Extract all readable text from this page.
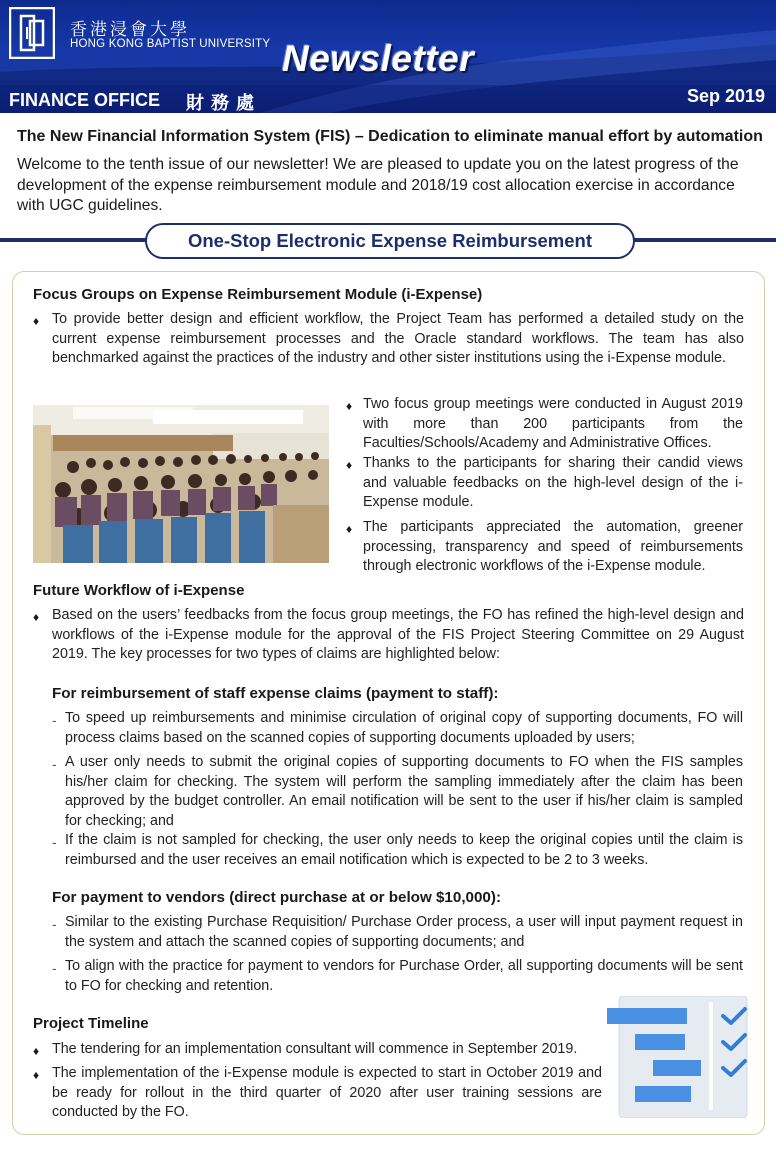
香港浸會大學
HONG KONG BAPTIST UNIVERSITY Newsletter
FINANCE OFFICE 財務處	Sep 2019
The New Financial Information System (FIS) – Dedication to eliminate manual effort by automation
Welcome to the tenth issue of our newsletter! We are pleased to update you on the latest progress of the development of the expense reimbursement module and 2018/19 cost allocation exercise in accordance with UGC guidelines.
One-Stop Electronic Expense Reimbursement
Focus Groups on Expense Reimbursement Module (i-Expense)
♦ To provide better design and efficient workflow, the Project Team has performed a detailed study on the current expense reimbursement processes and the Oracle standard workflows. The team has also benchmarked against the practices of the industry and other sister institutions using the i-Expense module.
♦ Two focus group meetings were conducted in August 2019 with more than 200 participants from the Faculties/Schools/Academy and Administrative Offices.
♦ Thanks to the participants for sharing their candid views and valuable feedbacks on the high-level design of the i-Expense module.
♦ The participants appreciated the automation, greener processing, transparency and speed of reimbursements through electronic workflows of the i-Expense module.
Future Workflow of i-Expense
♦ Based on the users’ feedbacks from the focus group meetings, the FO has refined the high-level design and workflows of the i-Expense module for the approval of the FIS Project Steering Committee on 29 August 2019. The key processes for two types of claims are highlighted below:
For reimbursement of staff expense claims (payment to staff):
- To speed up reimbursements and minimise circulation of original copy of supporting documents, FO will process claims based on the scanned copies of supporting documents uploaded by users;
- A user only needs to submit the original copies of supporting documents to FO when the FIS samples his/her claim for checking. The system will perform the sampling immediately after the claim has been approved by the budget controller. An email notification will be sent to the user if his/her claim is sampled for checking; and
- If the claim is not sampled for checking, the user only needs to keep the original copies until the claim is reimbursed and the user receives an email notification which is expected to be 2 to 3 weeks.
For payment to vendors (direct purchase at or below $10,000):
- Similar to the existing Purchase Requisition/ Purchase Order process, a user will input payment request in the system and attach the scanned copies of supporting documents; and
- To align with the practice for payment to vendors for Purchase Order, all supporting documents will be sent to FO for checking and retention.
Project Timeline
♦ The tendering for an implementation consultant will commence in September 2019.
♦ The implementation of the i-Expense module is expected to start in October 2019 and be ready for rollout in the third quarter of 2020 after user training sessions are conducted by the FO.
